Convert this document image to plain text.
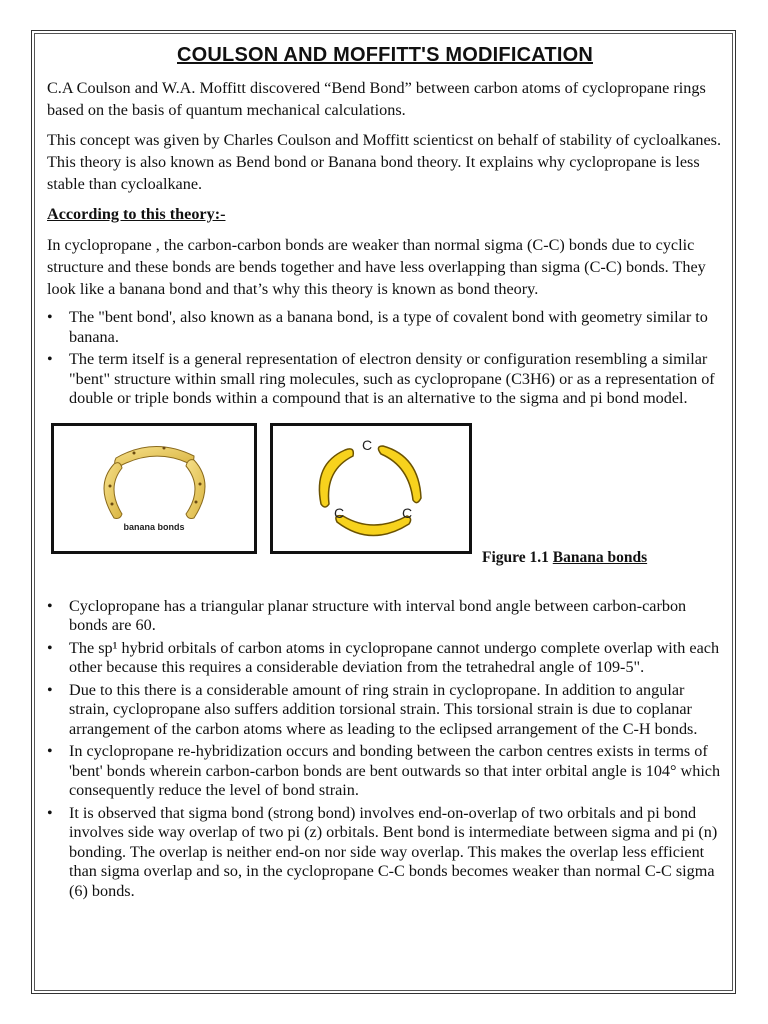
COULSON AND MOFFITT'S MODIFICATION

C.A Coulson and W.A. Moffitt discovered “Bend Bond” between carbon atoms of cyclopropane rings based on the basis of quantum mechanical calculations.

This concept was given by Charles Coulson and Moffitt scienticst on behalf of stability of cycloalkanes. This theory is also known as Bend bond or Banana bond theory. It explains why cyclopropane is less stable than cycloalkane.

According to this theory:-

In cyclopropane , the carbon-carbon bonds are weaker than normal sigma (C-C) bonds due to cyclic structure and these bonds are bends together and have less overlapping than sigma (C-C) bonds. They look like a banana bond and that’s why this theory is known as bond theory.

• The "bent bond', also known as a banana bond, is a type of covalent bond with geometry similar to banana.
• The term itself is a general representation of electron density or configuration resembling a similar "bent" structure within small ring molecules, such as cyclopropane (C3H6) or as a representation of double or triple bonds within a compound that is an alternative to the sigma and pi bond model.
banana bonds
C
C	C
Figure 1.1 Banana bonds
• Cyclopropane has a triangular planar structure with interval bond angle between carbon-carbon bonds are 60.
• The sp¹ hybrid orbitals of carbon atoms in cyclopropane cannot undergo complete overlap with each other because this requires a considerable deviation from the tetrahedral angle of 109-5".
• Due to this there is a considerable amount of ring strain in cyclopropane. In addition to angular strain, cyclopropane also suffers addition torsional strain. This torsional strain is due to coplanar arrangement of the carbon atoms where as leading to the eclipsed arrangement of the C-H bonds.
• In cyclopropane re-hybridization occurs and bonding between the carbon centres exists in terms of 'bent' bonds wherein carbon-carbon bonds are bent outwards so that inter orbital angle is 104° which consequently reduce the level of bond strain.
• It is observed that sigma bond (strong bond) involves end-on-overlap of two orbitals and pi bond involves side way overlap of two pi (z) orbitals. Bent bond is intermediate between sigma and pi (n) bonding. The overlap is neither end-on nor side way overlap. This makes the overlap less efficient than sigma overlap and so, in the cyclopropane C-C bonds becomes weaker than normal C-C sigma (6) bonds.
